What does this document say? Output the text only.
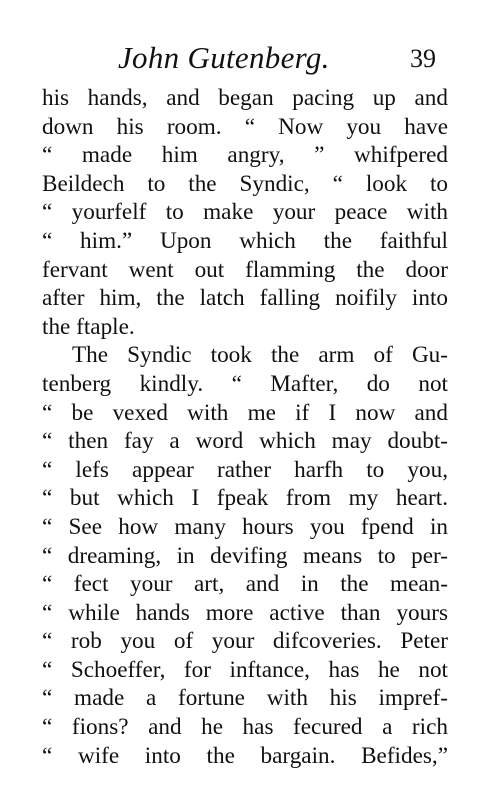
John Gutenberg.	39
his hands, and began pacing up and
down his room. “ Now you have
“ made him angry, ” whifpered
Beildech to the Syndic, “ look to
“ yourfelf to make your peace with
“ him.” Upon which the faithful
fervant went out flamming the door
after him, the latch falling noifily into
the ftaple.
The Syndic took the arm of Gu-
tenberg kindly. “ Mafter, do not
“ be vexed with me if I now and
“ then fay a word which may doubt-
“ lefs appear rather harfh to you,
“ but which I fpeak from my heart.
“ See how many hours you fpend in
“ dreaming, in devifing means to per-
“ fect your art, and in the mean-
“ while hands more active than yours
“ rob you of your difcoveries. Peter
“ Schoeffer, for inftance, has he not
“ made a fortune with his impref-
“ fions? and he has fecured a rich
“ wife into the bargain. Befides,”
